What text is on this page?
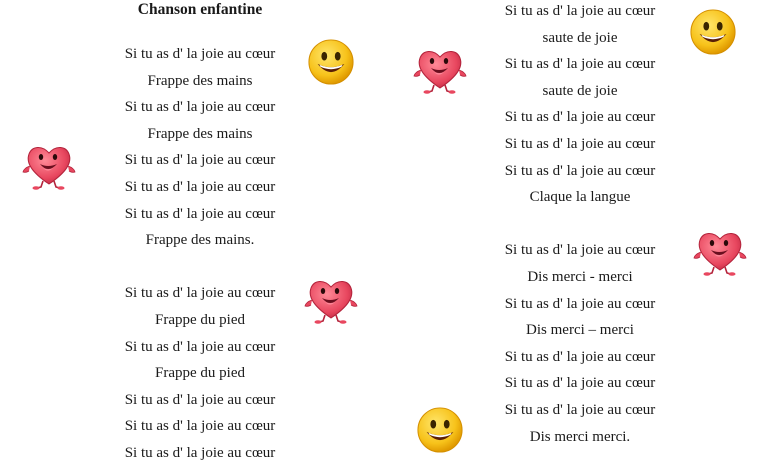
Chanson enfantine

Si tu as d' la joie au cœur

Frappe des mains

Si tu as d' la joie au cœur

Frappe des mains

Si tu as d' la joie au cœur

Si tu as d' la joie au cœur

Si tu as d' la joie au cœur

Frappe des mains.

Si tu as d' la joie au cœur

Frappe du pied

Si tu as d' la joie au cœur

Frappe du pied

Si tu as d' la joie au cœur

Si tu as d' la joie au cœur

Si tu as d' la joie au cœur

Si tu as d' la joie au cœur

saute de joie

Si tu as d' la joie au cœur

saute de joie

Si tu as d' la joie au cœur

Si tu as d' la joie au cœur

Si tu as d' la joie au cœur

Claque la langue

Si tu as d' la joie au cœur

Dis merci - merci

Si tu as d' la joie au cœur

Dis merci – merci

Si tu as d' la joie au cœur

Si tu as d' la joie au cœur

Si tu as d' la joie au cœur

Dis merci merci.
